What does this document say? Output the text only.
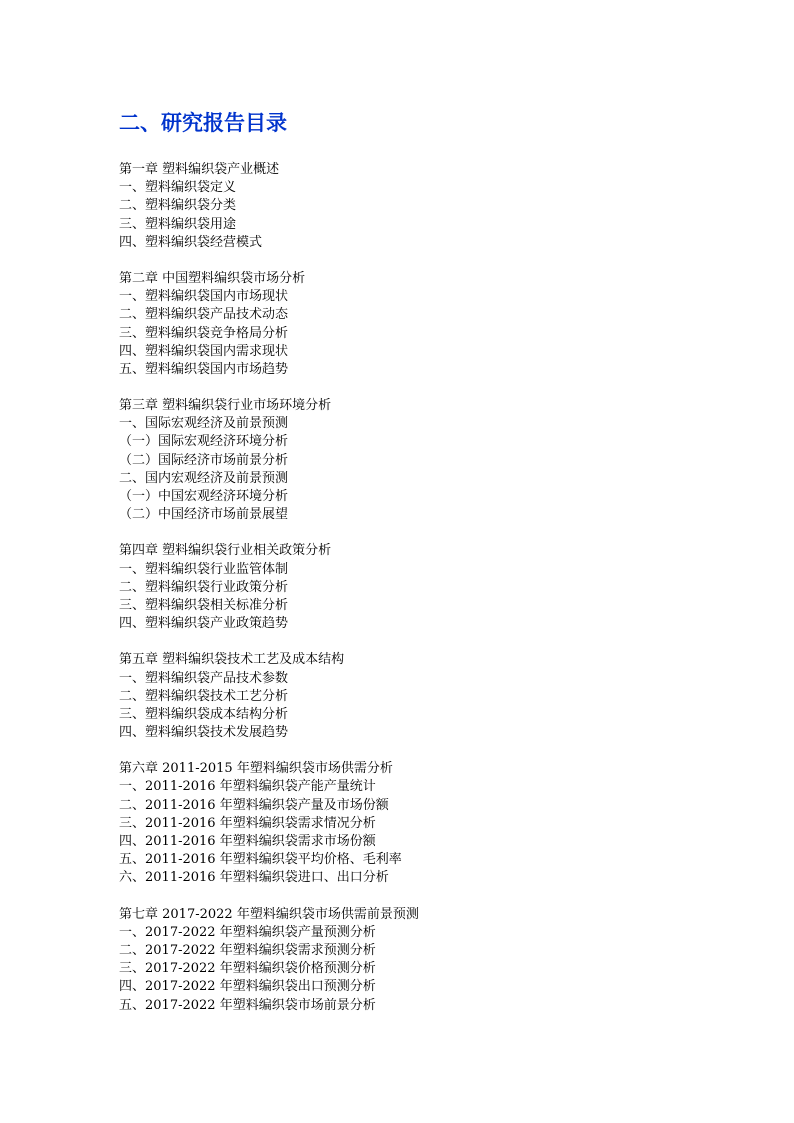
二、研究报告目录
第一章 塑料编织袋产业概述
一、塑料编织袋定义
二、塑料编织袋分类
三、塑料编织袋用途
四、塑料编织袋经营模式
第二章 中国塑料编织袋市场分析
一、塑料编织袋国内市场现状
二、塑料编织袋产品技术动态
三、塑料编织袋竞争格局分析
四、塑料编织袋国内需求现状
五、塑料编织袋国内市场趋势
第三章 塑料编织袋行业市场环境分析
一、国际宏观经济及前景预测
（一）国际宏观经济环境分析
（二）国际经济市场前景分析
二、国内宏观经济及前景预测
（一）中国宏观经济环境分析
（二）中国经济市场前景展望
第四章 塑料编织袋行业相关政策分析
一、塑料编织袋行业监管体制
二、塑料编织袋行业政策分析
三、塑料编织袋相关标准分析
四、塑料编织袋产业政策趋势
第五章 塑料编织袋技术工艺及成本结构
一、塑料编织袋产品技术参数
二、塑料编织袋技术工艺分析
三、塑料编织袋成本结构分析
四、塑料编织袋技术发展趋势
第六章 2011-2015 年塑料编织袋市场供需分析
一、2011-2016 年塑料编织袋产能产量统计
二、2011-2016 年塑料编织袋产量及市场份额
三、2011-2016 年塑料编织袋需求情况分析
四、2011-2016 年塑料编织袋需求市场份额
五、2011-2016 年塑料编织袋平均价格、毛利率
六、2011-2016 年塑料编织袋进口、出口分析
第七章 2017-2022 年塑料编织袋市场供需前景预测
一、2017-2022 年塑料编织袋产量预测分析
二、2017-2022 年塑料编织袋需求预测分析
三、2017-2022 年塑料编织袋价格预测分析
四、2017-2022 年塑料编织袋出口预测分析
五、2017-2022 年塑料编织袋市场前景分析
